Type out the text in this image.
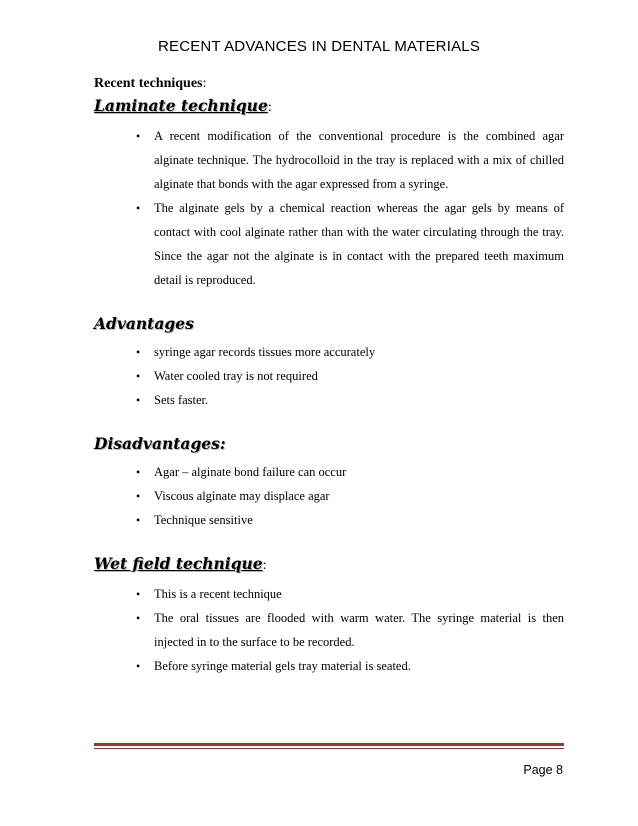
RECENT ADVANCES IN DENTAL MATERIALS

Recent techniques:

Laminate technique:
• A recent modification of the conventional procedure is the combined agar alginate technique. The hydrocolloid in the tray is replaced with a mix of chilled alginate that bonds with the agar expressed from a syringe.
• The alginate gels by a chemical reaction whereas the agar gels by means of contact with cool alginate rather than with the water circulating through the tray. Since the agar not the alginate is in contact with the prepared teeth maximum detail is reproduced.
Advantages
• syringe agar records tissues more accurately
• Water cooled tray is not required
• Sets faster.
Disadvantages:
• Agar – alginate bond failure can occur
• Viscous alginate may displace agar
• Technique sensitive
Wet field technique:
• This is a recent technique
• The oral tissues are flooded with warm water. The syringe material is then injected in to the surface to be recorded.
• Before syringe material gels tray material is seated.
Page 8
